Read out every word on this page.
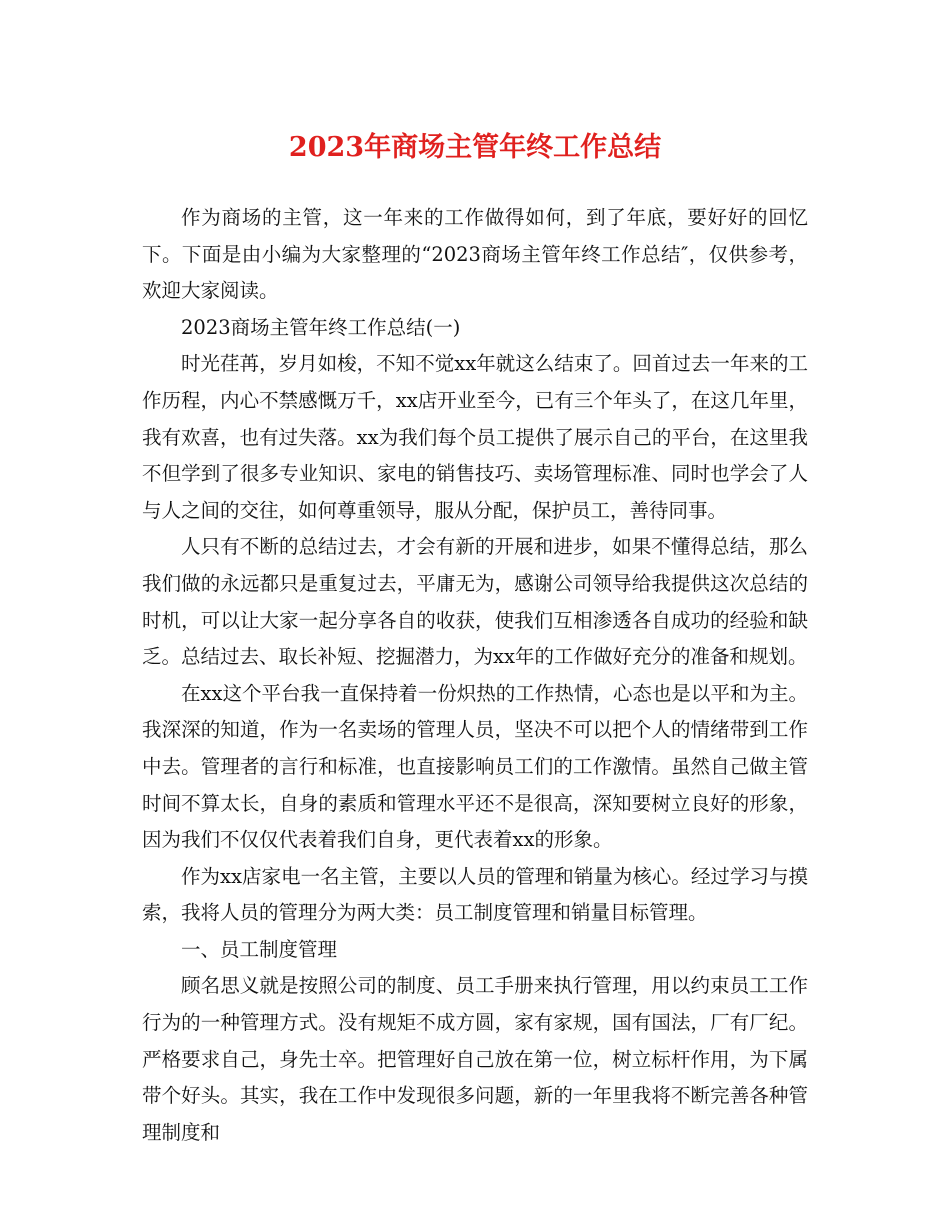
2023年商场主管年终工作总结

作为商场的主管，这一年来的工作做得如何，到了年底，要好好的回忆下。下面是由小编为大家整理的“2023商场主管年终工作总结″，仅供参考，欢迎大家阅读。

2023商场主管年终工作总结(一)

时光荏苒，岁月如梭，不知不觉xx年就这么结束了。回首过去一年来的工作历程，内心不禁感慨万千，xx店开业至今，已有三个年头了，在这几年里，我有欢喜，也有过失落。xx为我们每个员工提供了展示自己的平台，在这里我不但学到了很多专业知识、家电的销售技巧、卖场管理标准、同时也学会了人与人之间的交往，如何尊重领导，服从分配，保护员工，善待同事。

人只有不断的总结过去，才会有新的开展和进步，如果不懂得总结，那么我们做的永远都只是重复过去，平庸无为，感谢公司领导给我提供这次总结的时机，可以让大家一起分享各自的收获，使我们互相渗透各自成功的经验和缺乏。总结过去、取长补短、挖掘潜力，为xx年的工作做好充分的准备和规划。

在xx这个平台我一直保持着一份炽热的工作热情，心态也是以平和为主。我深深的知道，作为一名卖场的管理人员，坚决不可以把个人的情绪带到工作中去。管理者的言行和标准，也直接影响员工们的工作激情。虽然自己做主管时间不算太长，自身的素质和管理水平还不是很高，深知要树立良好的形象，因为我们不仅仅代表着我们自身，更代表着xx的形象。

作为xx店家电一名主管，主要以人员的管理和销量为核心。经过学习与摸索，我将人员的管理分为两大类：员工制度管理和销量目标管理。

一、员工制度管理

顾名思义就是按照公司的制度、员工手册来执行管理，用以约束员工工作行为的一种管理方式。没有规矩不成方圆，家有家规，国有国法，厂有厂纪。严格要求自己，身先士卒。把管理好自己放在第一位，树立标杆作用，为下属带个好头。其实，我在工作中发现很多问题，新的一年里我将不断完善各种管理制度和
